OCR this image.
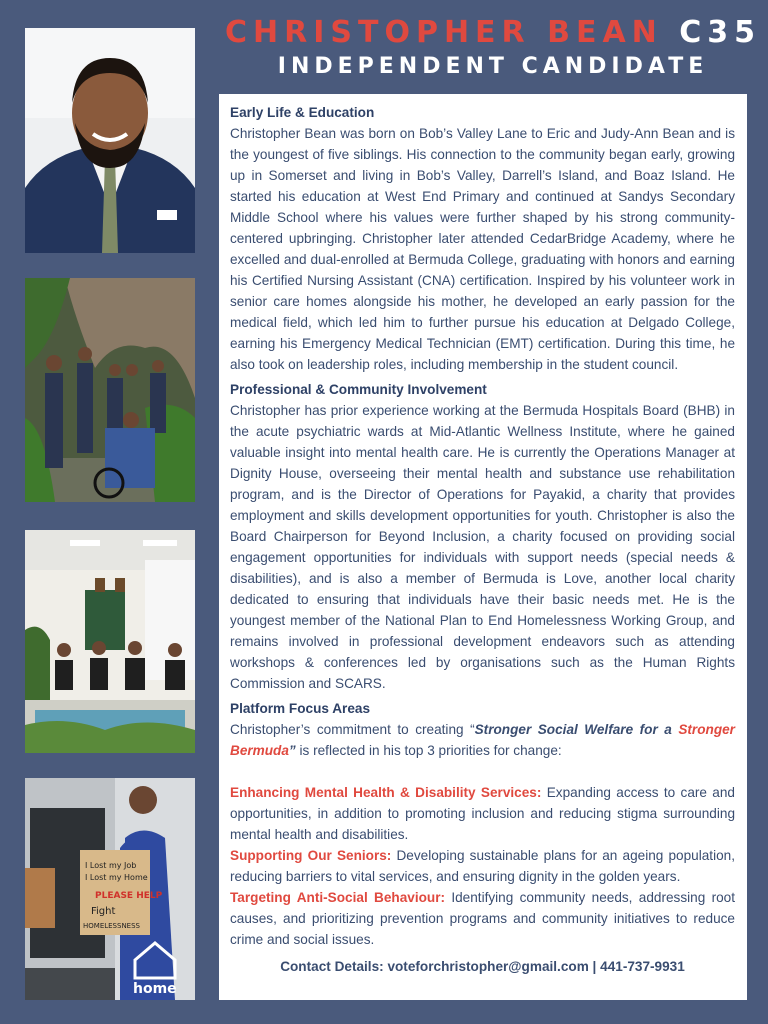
CHRISTOPHER BEAN C35
INDEPENDENT CANDIDATE
I Lost my Job
I Lost my Home
PLEASE HELP
Fight
HOMELESSNESS
home
Early Life & Education

Christopher Bean was born on Bob’s Valley Lane to Eric and Judy-Ann Bean and is the youngest of five siblings. His connection to the community began early, growing up in Somerset and living in Bob’s Valley, Darrell’s Island, and Boaz Island. He started his education at West End Primary and continued at Sandys Secondary Middle School where his values were further shaped by his strong community-centered upbringing. Christopher later attended CedarBridge Academy, where he excelled and dual-enrolled at Bermuda College, graduating with honors and earning his Certified Nursing Assistant (CNA) certification. Inspired by his volunteer work in senior care homes alongside his mother, he developed an early passion for the medical field, which led him to further pursue his education at Delgado College, earning his Emergency Medical Technician (EMT) certification. During this time, he also took on leadership roles, including membership in the student council.

Professional & Community Involvement

Christopher has prior experience working at the Bermuda Hospitals Board (BHB) in the acute psychiatric wards at Mid-Atlantic Wellness Institute, where he gained valuable insight into mental health care. He is currently the Operations Manager at Dignity House, overseeing their mental health and substance use rehabilitation program, and is the Director of Operations for Payakid, a charity that provides employment and skills development opportunities for youth. Christopher is also the Board Chairperson for Beyond Inclusion, a charity focused on providing social engagement opportunities for individuals with support needs (special needs & disabilities), and is also a member of Bermuda is Love, another local charity dedicated to ensuring that individuals have their basic needs met. He is the youngest member of the National Plan to End Homelessness Working Group, and remains involved in professional development endeavors such as attending workshops & conferences led by organisations such as the Human Rights Commission and SCARS.

Platform Focus Areas

Christopher’s commitment to creating “Stronger Social Welfare for a Stronger Bermuda” is reflected in his top 3 priorities for change:

Enhancing Mental Health & Disability Services: Expanding access to care and opportunities, in addition to promoting inclusion and reducing stigma surrounding mental health and disabilities.

Supporting Our Seniors: Developing sustainable plans for an ageing population, reducing barriers to vital services, and ensuring dignity in the golden years.

Targeting Anti-Social Behaviour: Identifying community needs, addressing root causes, and prioritizing prevention programs and community initiatives to reduce crime and social issues.

Contact Details: voteforchristopher@gmail.com | 441-737-9931
